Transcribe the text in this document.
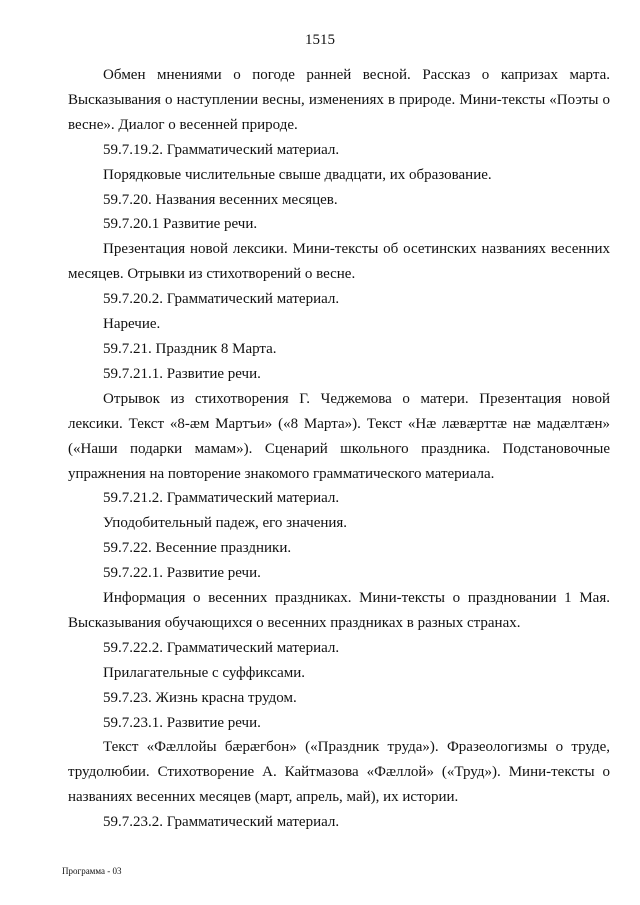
1515

Обмен мнениями о погоде ранней весной. Рассказ о капризах марта. Высказывания о наступлении весны, изменениях в природе. Мини-тексты «Поэты о весне». Диалог о весенней природе.

59.7.19.2. Грамматический материал.

Порядковые числительные свыше двадцати, их образование.

59.7.20. Названия весенних месяцев.

59.7.20.1 Развитие речи.

Презентация новой лексики. Мини-тексты об осетинских названиях весенних месяцев. Отрывки из стихотворений о весне.

59.7.20.2. Грамматический материал.

Наречие.

59.7.21. Праздник 8 Марта.

59.7.21.1. Развитие речи.

Отрывок из стихотворения Г. Чеджемова о матери. Презентация новой лексики. Текст «8-æм Мартъи» («8 Марта»). Текст «Нæ лæвæрттæ нæ мадæлтæн» («Наши подарки мамам»). Сценарий школьного праздника. Подстановочные упражнения на повторение знакомого грамматического материала.

59.7.21.2. Грамматический материал.

Уподобительный падеж, его значения.

59.7.22. Весенние праздники.

59.7.22.1. Развитие речи.

Информация о весенних праздниках. Мини-тексты о праздновании 1 Мая. Высказывания обучающихся о весенних праздниках в разных странах.

59.7.22.2. Грамматический материал.

Прилагательные с суффиксами.

59.7.23. Жизнь красна трудом.

59.7.23.1. Развитие речи.

Текст «Фæллойы бæрæгбон» («Праздник труда»). Фразеологизмы о труде, трудолюбии. Стихотворение А. Кайтмазова «Фæллой» («Труд»). Мини-тексты о названиях весенних месяцев (март, апрель, май), их истории.

59.7.23.2. Грамматический материал.

Программа - 03
